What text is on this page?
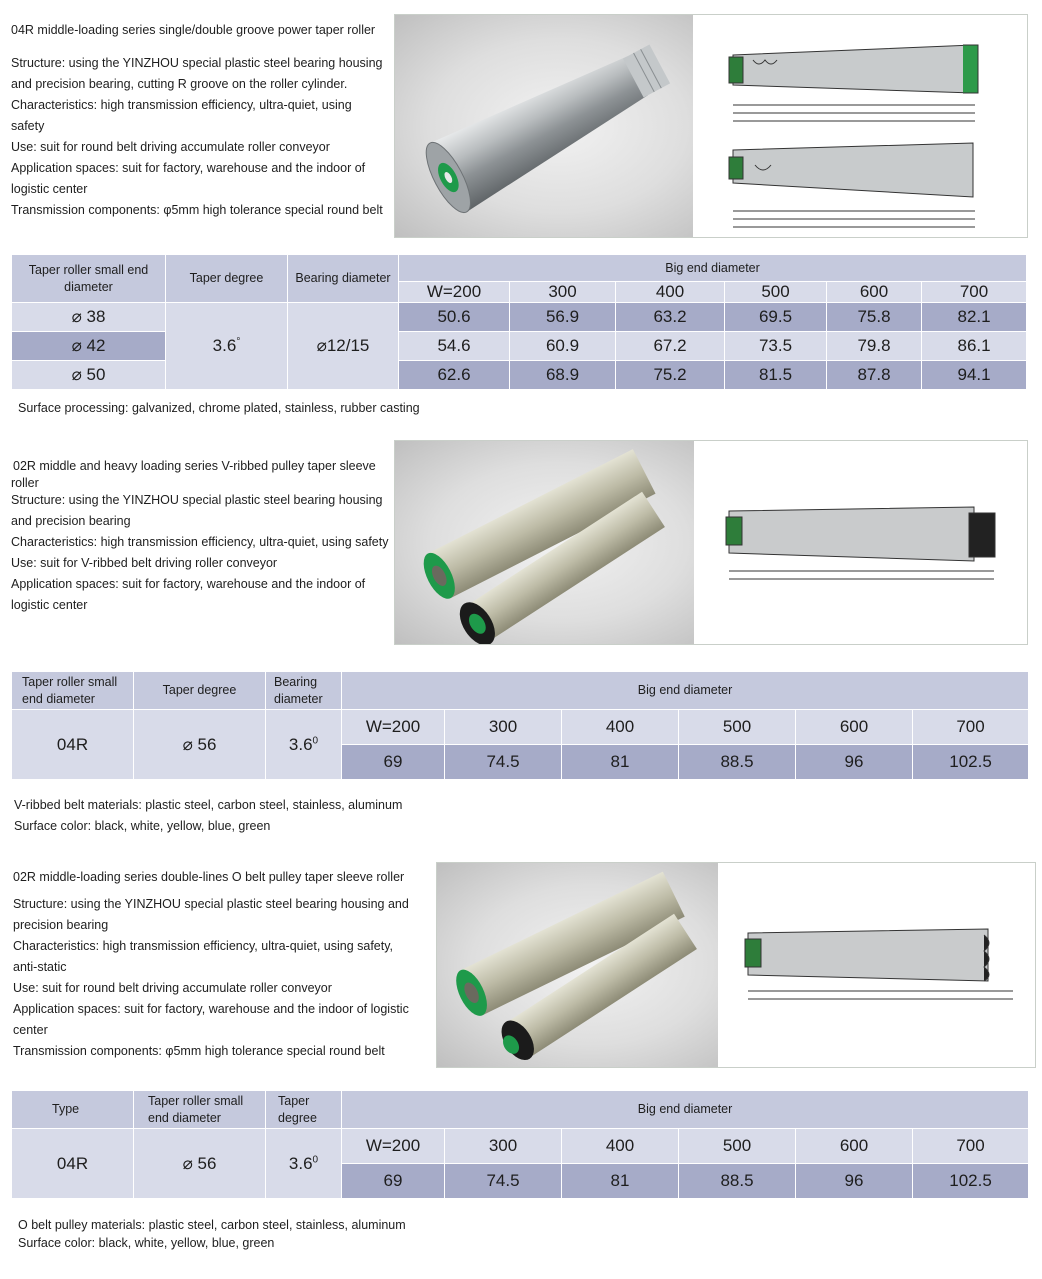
04R middle-loading series single/double groove power taper roller

Structure: using the YINZHOU special plastic steel bearing housing

and precision bearing, cutting R groove on the roller cylinder.

Characteristics: high transmission efficiency, ultra-quiet, using

safety

Use: suit for round belt driving accumulate roller conveyor

Application spaces: suit for factory, warehouse and the indoor of

logistic center

Transmission components: φ5mm high tolerance special round belt

Taper roller small end diameter	Taper degree	Bearing diameter	Big end diameter					
			W=200	300	400	500	600	700
⌀ 38	3.6°	⌀12/15	50.6	56.9	63.2	69.5	75.8	82.1
⌀ 42			54.6	60.9	67.2	73.5	79.8	86.1
⌀ 50			62.6	68.9	75.2	81.5	87.8	94.1

Surface processing: galvanized, chrome plated, stainless, rubber casting

02R middle and heavy loading series V-ribbed pulley taper sleeve

roller

Structure: using the YINZHOU special plastic steel bearing housing

and precision bearing

Characteristics: high transmission efficiency, ultra-quiet, using safety

Use: suit for V-ribbed belt driving roller conveyor

Application spaces: suit for factory, warehouse and the indoor of

logistic center

Taper roller small end diameter	Taper degree	Bearing diameter	Big end diameter					
04R	⌀ 56	$3.6^0$	W=200	300	400	500	600	700
			69	74.5	81	88.5	96	102.5

V-ribbed belt materials: plastic steel, carbon steel, stainless, aluminum

Surface color: black, white, yellow, blue, green

02R middle-loading series double-lines O belt pulley taper sleeve roller

Structure: using the YINZHOU special plastic steel bearing housing and

precision bearing

Characteristics: high transmission efficiency, ultra-quiet, using safety,

anti-static

Use: suit for round belt driving accumulate roller conveyor

Application spaces: suit for factory, warehouse and the indoor of logistic

center

Transmission components: φ5mm high tolerance special round belt

Type	Taper roller small end diameter	Taper degree	Big end diameter					
04R	⌀ 56	$3.6^0$	W=200	300	400	500	600	700
			69	74.5	81	88.5	96	102.5

O belt pulley materials: plastic steel, carbon steel, stainless, aluminum

Surface color: black, white, yellow, blue, green
